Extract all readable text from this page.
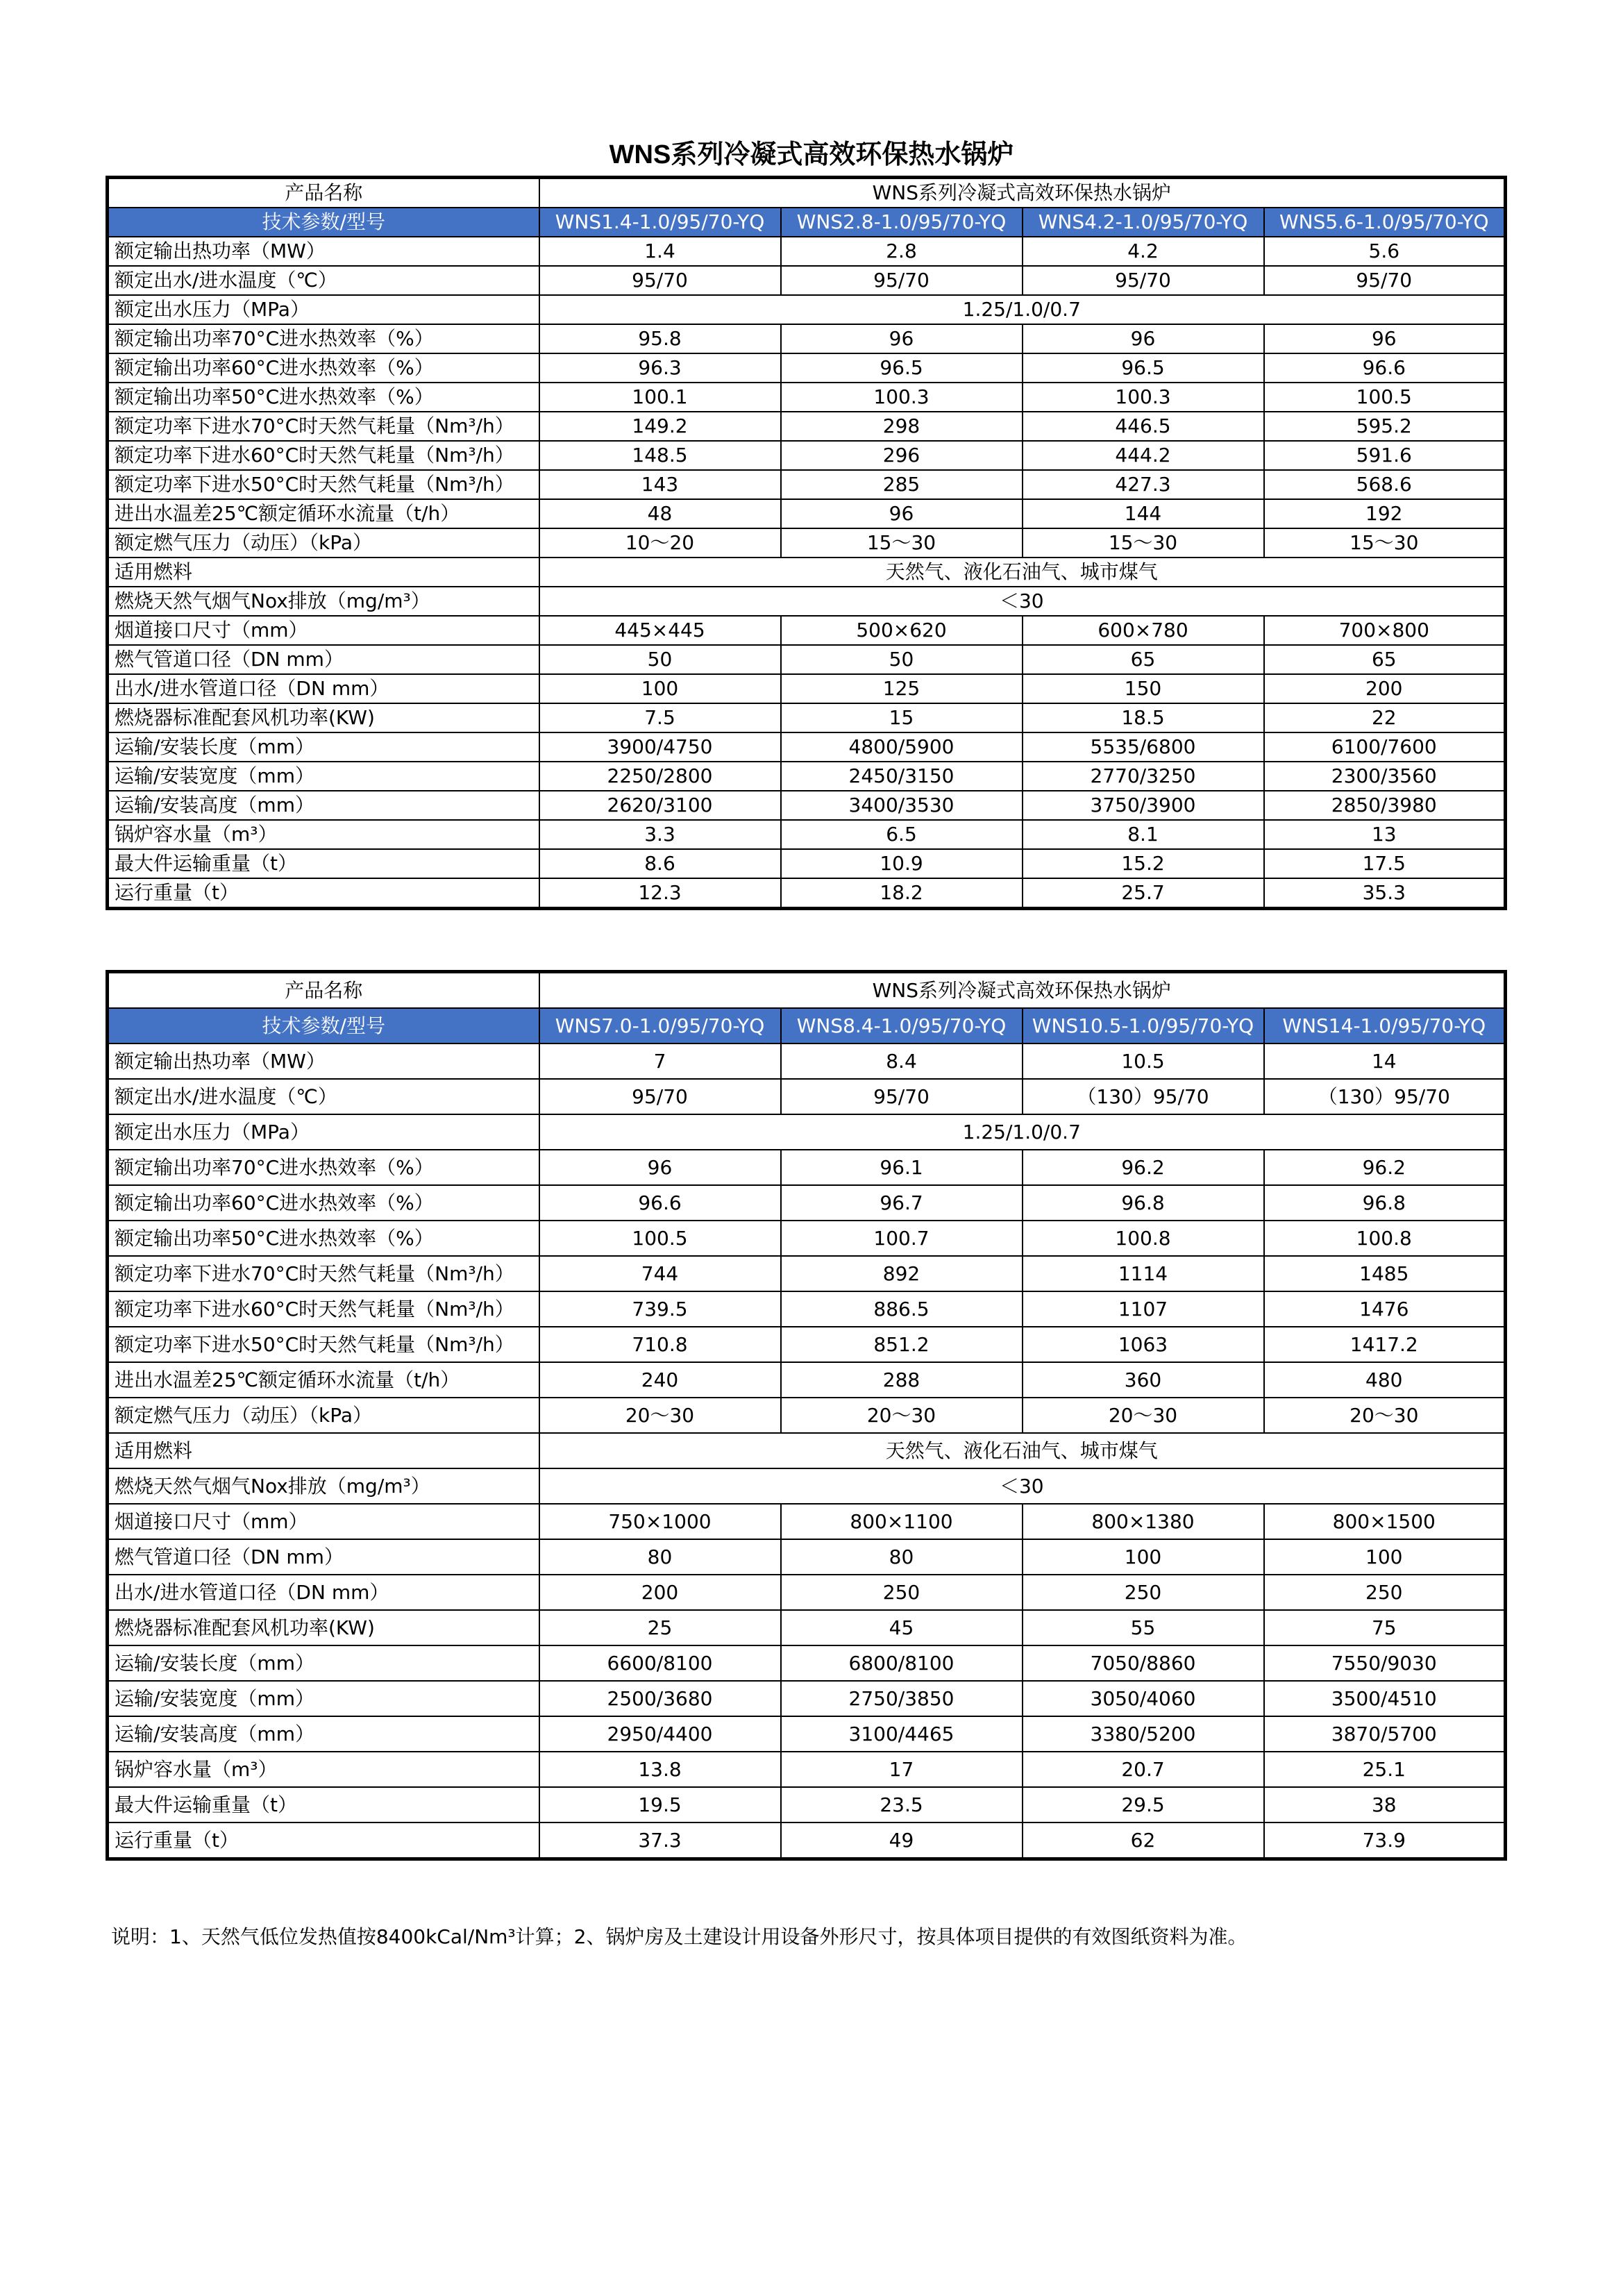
WNS系列冷凝式高效环保热水锅炉
产品名称	WNS系列冷凝式高效环保热水锅炉			
技术参数/型号	WNS1.4-1.0/95/70-YQ	WNS2.8-1.0/95/70-YQ	WNS4.2-1.0/95/70-YQ	WNS5.6-1.0/95/70-YQ
额定输出热功率（MW）	1.4	2.8	4.2	5.6
额定出水/进水温度（℃）	95/70	95/70	95/70	95/70
额定出水压力（MPa）	1.25/1.0/0.7			
额定输出功率70°C进水热效率（%）	95.8	96	96	96
额定输出功率60°C进水热效率（%）	96.3	96.5	96.5	96.6
额定输出功率50°C进水热效率（%）	100.1	100.3	100.3	100.5
额定功率下进水70°C时天然气耗量（Nm³/h）	149.2	298	446.5	595.2
额定功率下进水60°C时天然气耗量（Nm³/h）	148.5	296	444.2	591.6
额定功率下进水50°C时天然气耗量（Nm³/h）	143	285	427.3	568.6
进出水温差25℃额定循环水流量（t/h）	48	96	144	192
额定燃气压力（动压）（kPa）	10～20	15～30	15～30	15～30
适用燃料	天然气、液化石油气、城市煤气			
燃烧天然气烟气Nox排放（mg/m³）	＜30			
烟道接口尺寸（mm）	445×445	500×620	600×780	700×800
燃气管道口径（DN mm）	50	50	65	65
出水/进水管道口径（DN mm）	100	125	150	200
燃烧器标准配套风机功率(KW)	7.5	15	18.5	22
运输/安装长度（mm）	3900/4750	4800/5900	5535/6800	6100/7600
运输/安装宽度（mm）	2250/2800	2450/3150	2770/3250	2300/3560
运输/安装高度（mm）	2620/3100	3400/3530	3750/3900	2850/3980
锅炉容水量（m³）	3.3	6.5	8.1	13
最大件运输重量（t）	8.6	10.9	15.2	17.5
运行重量（t）	12.3	18.2	25.7	35.3
产品名称	WNS系列冷凝式高效环保热水锅炉			
技术参数/型号	WNS7.0-1.0/95/70-YQ	WNS8.4-1.0/95/70-YQ	WNS10.5-1.0/95/70-YQ	WNS14-1.0/95/70-YQ
额定输出热功率（MW）	7	8.4	10.5	14
额定出水/进水温度（℃）	95/70	95/70	（130）95/70	（130）95/70
额定出水压力（MPa）	1.25/1.0/0.7			
额定输出功率70°C进水热效率（%）	96	96.1	96.2	96.2
额定输出功率60°C进水热效率（%）	96.6	96.7	96.8	96.8
额定输出功率50°C进水热效率（%）	100.5	100.7	100.8	100.8
额定功率下进水70°C时天然气耗量（Nm³/h）	744	892	1114	1485
额定功率下进水60°C时天然气耗量（Nm³/h）	739.5	886.5	1107	1476
额定功率下进水50°C时天然气耗量（Nm³/h）	710.8	851.2	1063	1417.2
进出水温差25℃额定循环水流量（t/h）	240	288	360	480
额定燃气压力（动压）（kPa）	20～30	20～30	20～30	20～30
适用燃料	天然气、液化石油气、城市煤气			
燃烧天然气烟气Nox排放（mg/m³）	＜30			
烟道接口尺寸（mm）	750×1000	800×1100	800×1380	800×1500
燃气管道口径（DN mm）	80	80	100	100
出水/进水管道口径（DN mm）	200	250	250	250
燃烧器标准配套风机功率(KW)	25	45	55	75
运输/安装长度（mm）	6600/8100	6800/8100	7050/8860	7550/9030
运输/安装宽度（mm）	2500/3680	2750/3850	3050/4060	3500/4510
运输/安装高度（mm）	2950/4400	3100/4465	3380/5200	3870/5700
锅炉容水量（m³）	13.8	17	20.7	25.1
最大件运输重量（t）	19.5	23.5	29.5	38
运行重量（t）	37.3	49	62	73.9
说明：1、天然气低位发热值按8400kCal/Nm³计算；2、锅炉房及土建设计用设备外形尺寸，按具体项目提供的有效图纸资料为准。
